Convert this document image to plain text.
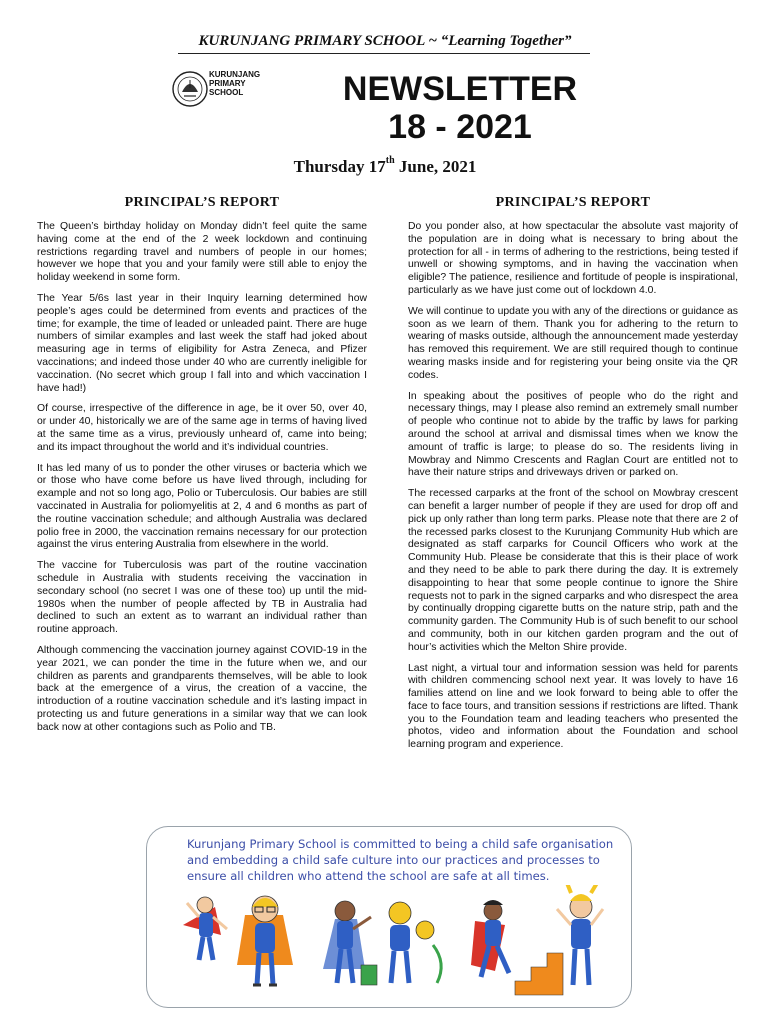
KURUNJANG PRIMARY SCHOOL ~ “Learning Together”
KURUNJANG
PRIMARY
SCHOOL	NEWSLETTER
18 - 2021
Thursday 17th June, 2021
PRINCIPAL’S REPORT

The Queen’s birthday holiday on Monday didn’t feel quite the same having come at the end of the 2 week lockdown and continuing restrictions regarding travel and numbers of people in our homes; however we hope that you and your family were still able to enjoy the holiday weekend in some form.

The Year 5/6s last year in their Inquiry learning determined how people’s ages could be determined from events and practices of the time; for example, the time of leaded or unleaded paint. There are huge numbers of similar examples and last week the staff had joked about measuring age in terms of eligibility for Astra Zeneca, and Pfizer vaccinations; and indeed those under 40 who are currently ineligible for vaccination. (No secret which group I fall into and which vaccination I have had!)

Of course, irrespective of the difference in age, be it over 50, over 40, or under 40, historically we are of the same age in terms of having lived at the same time as a virus, previously unheard of, came into being; and its impact throughout the world and it’s individual countries.

It has led many of us to ponder the other viruses or bacteria which we or those who have come before us have lived through, including for example and not so long ago, Polio or Tuberculosis. Our babies are still vaccinated in Australia for poliomyelitis at 2, 4 and 6 months as part of the routine vaccination schedule; and although Australia was declared polio free in 2000, the vaccination remains necessary for our protection against the virus entering Australia from elsewhere in the world.

The vaccine for Tuberculosis was part of the routine vaccination schedule in Australia with students receiving the vaccination in secondary school (no secret I was one of these too) up until the mid-1980s when the number of people affected by TB in Australia had declined to such an extent as to warrant an individual rather than routine approach.

Although commencing the vaccination journey against COVID-19 in the year 2021, we can ponder the time in the future when we, and our children as parents and grandparents themselves, will be able to look back at the emergence of a virus, the creation of a vaccine, the introduction of a routine vaccination schedule and it’s lasting impact in protecting us and future generations in a similar way that we can look back now at other contagions such as Polio and TB.

PRINCIPAL’S REPORT

Do you ponder also, at how spectacular the absolute vast majority of the population are in doing what is necessary to bring about the protection for all - in terms of adhering to the restrictions, being tested if unwell or showing symptoms, and in having the vaccination when eligible? The patience, resilience and fortitude of people is inspirational, particularly as we have just come out of lockdown 4.0.

We will continue to update you with any of the directions or guidance as soon as we learn of them. Thank you for adhering to the return to wearing of masks outside, although the announcement made yesterday has removed this requirement. We are still required though to continue wearing masks inside and for registering your being onsite via the QR codes.

In speaking about the positives of people who do the right and necessary things, may I please also remind an extremely small number of people who continue not to abide by the traffic by laws for parking around the school at arrival and dismissal times when we know the amount of traffic is large; to please do so. The residents living in Mowbray and Nimmo Crescents and Raglan Court are entitled not to have their nature strips and driveways driven or parked on.

The recessed carparks at the front of the school on Mowbray crescent can benefit a larger number of people if they are used for drop off and pick up only rather than long term parks. Please note that there are 2 of the recessed parks closest to the Kurunjang Community Hub which are designated as staff carparks for Council Officers who work at the Community Hub. Please be considerate that this is their place of work and they need to be able to park there during the day. It is extremely disappointing to hear that some people continue to ignore the Shire requests not to park in the signed carparks and who disrespect the area by continually dropping cigarette butts on the nature strip, path and the community garden. The Community Hub is of such benefit to our school and community, both in our kitchen garden program and the out of hour’s activities which the Melton Shire provide.

Last night, a virtual tour and information session was held for parents with children commencing school next year. It was lovely to have 16 families attend on line and we look forward to being able to offer the face to face tours, and transition sessions if restrictions are lifted. Thank you to the Foundation team and leading teachers who presented the photos, video and information about the Foundation and school learning program and experience.

Kurunjang Primary School is committed to being a child safe organisation and embedding a child safe culture into our practices and processes to ensure all children who attend the school are safe at all times.
